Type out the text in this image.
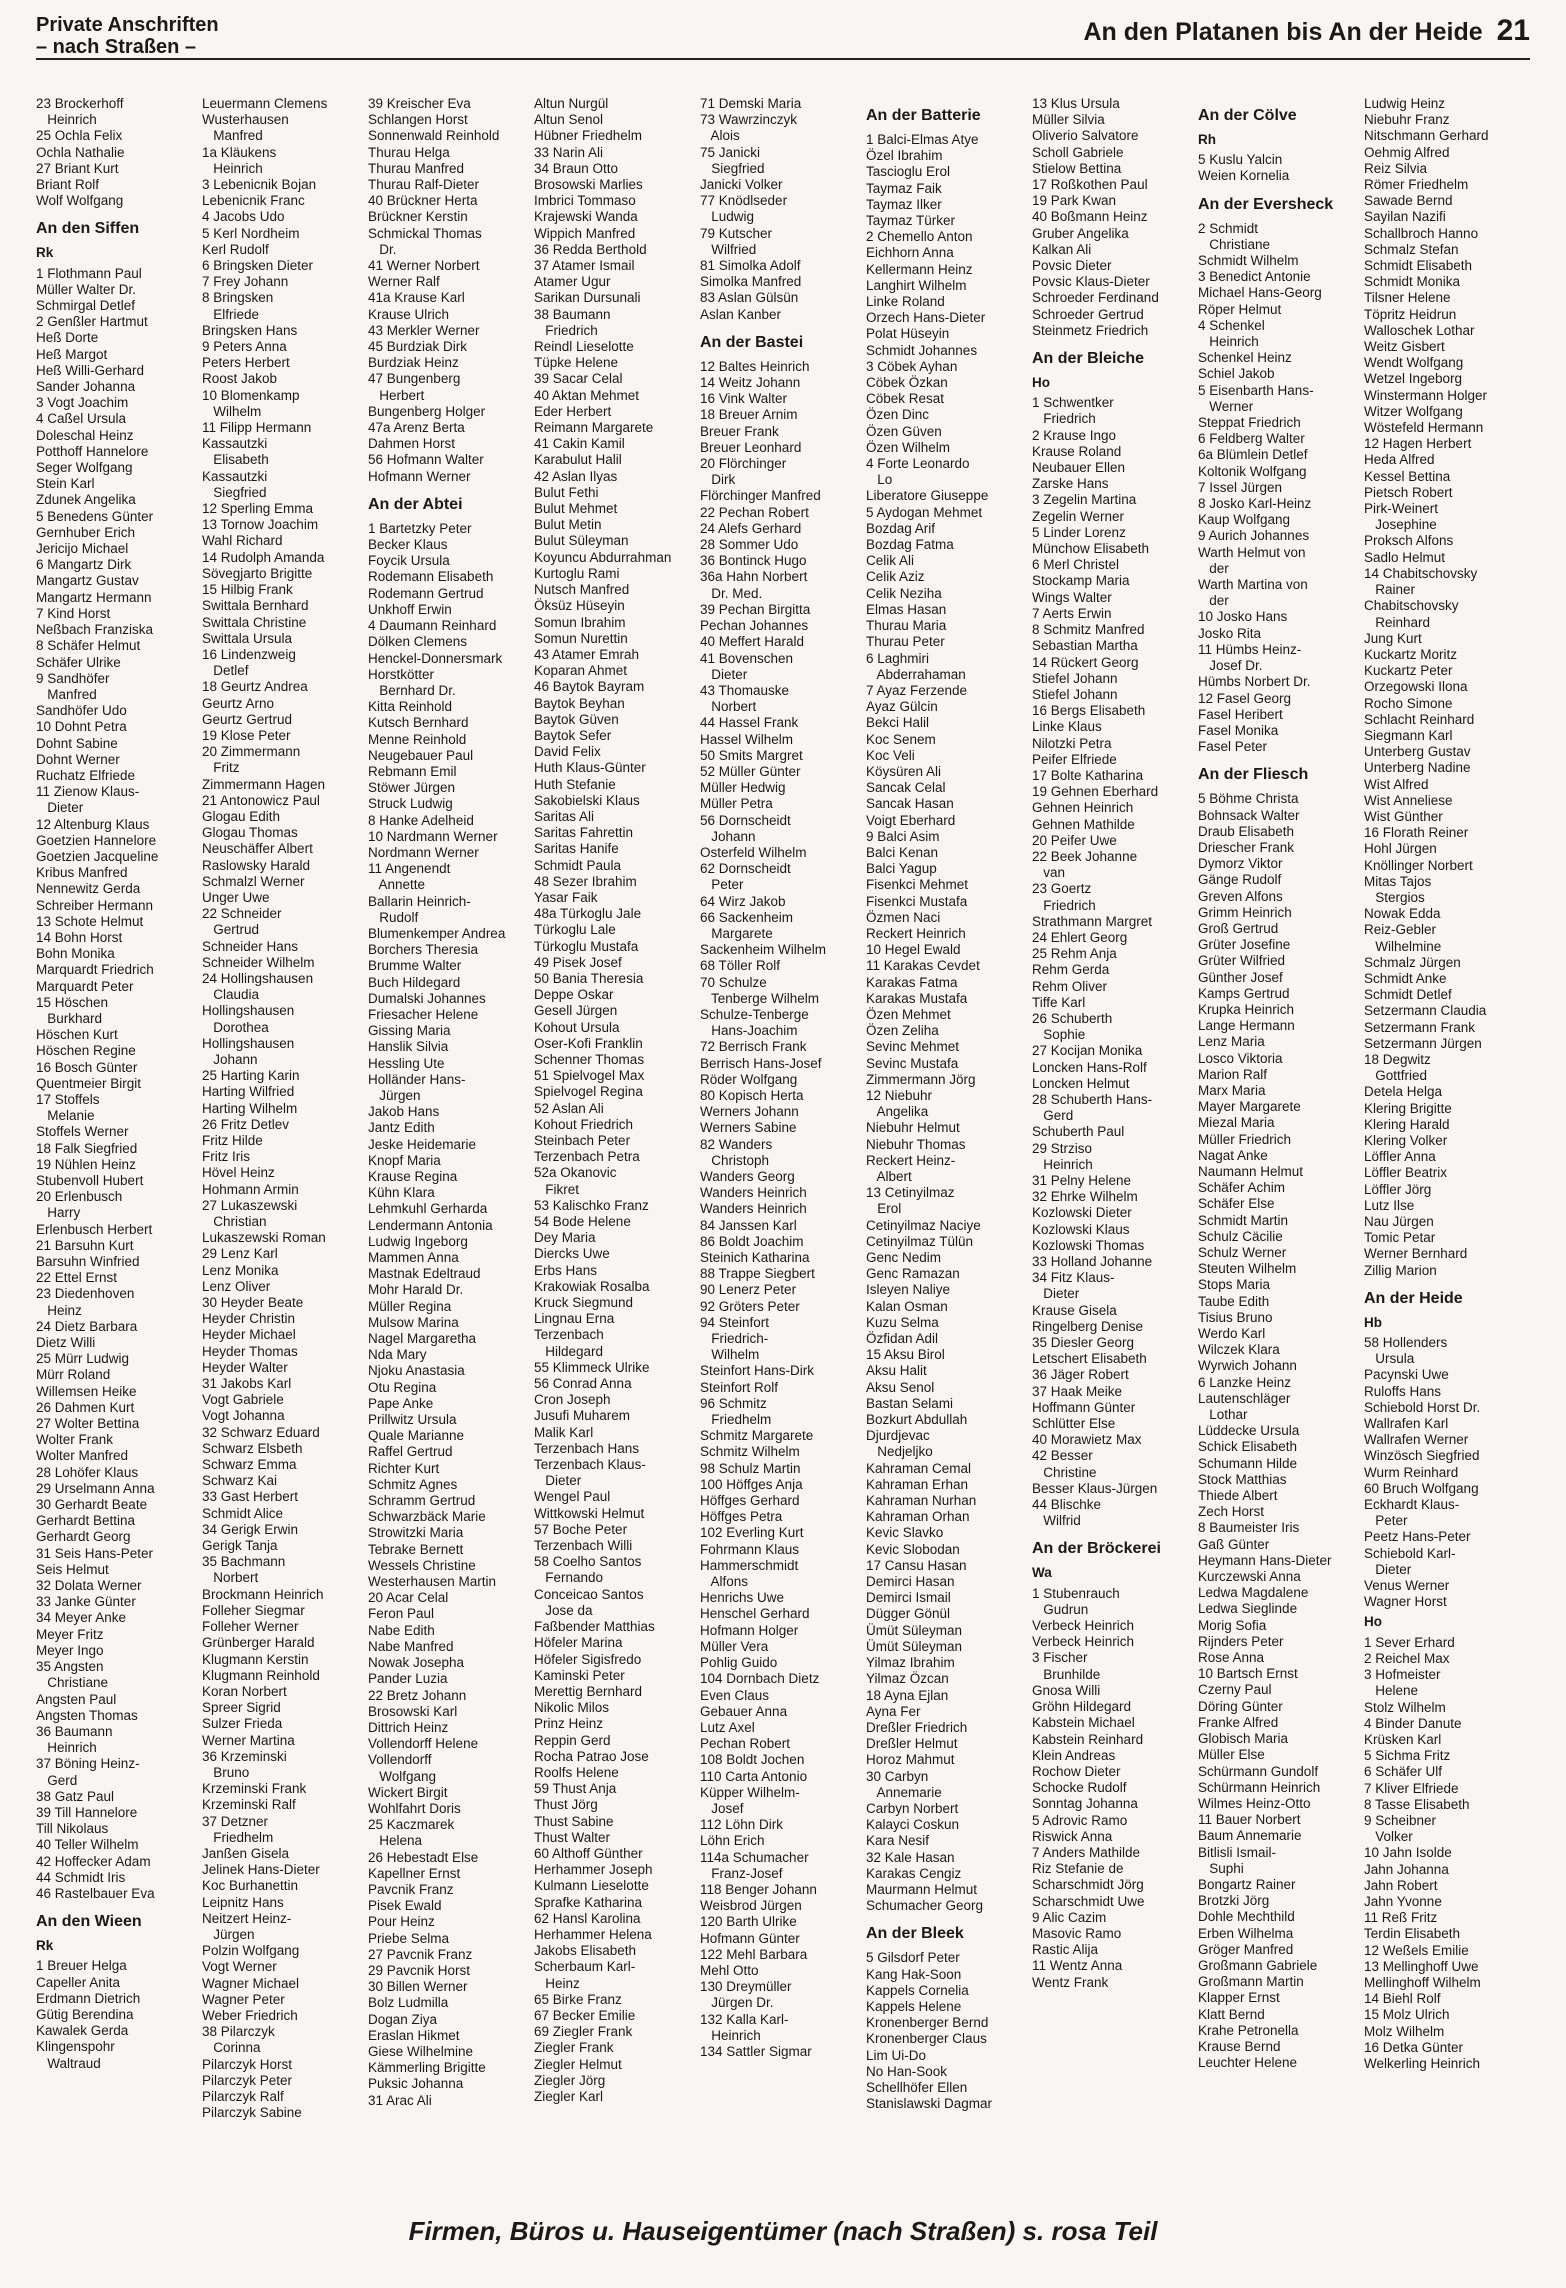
Private Anschriften
– nach Straßen –
An den Platanen bis An der Heide 21
23 Brockerhoff
Heinrich
25 Ochla Felix
Ochla Nathalie
27 Briant Kurt
Briant Rolf
Wolf Wolfgang

An den Siffen
Rk
1 Flothmann Paul
Müller Walter Dr.
Schmirgal Detlef
2 Genßler Hartmut
Heß Dorte
Heß Margot
Heß Willi-Gerhard
Sander Johanna
3 Vogt Joachim
4 Caßel Ursula
Doleschal Heinz
Potthoff Hannelore
Seger Wolfgang
Stein Karl
Zdunek Angelika
5 Benedens Günter
Gernhuber Erich
Jericijo Michael
6 Mangartz Dirk
Mangartz Gustav
Mangartz Hermann
7 Kind Horst
Neßbach Franziska
8 Schäfer Helmut
Schäfer Ulrike
9 Sandhöfer
Manfred
Sandhöfer Udo
10 Dohnt Petra
Dohnt Sabine
Dohnt Werner
Ruchatz Elfriede
11 Zienow Klaus-
Dieter
12 Altenburg Klaus
Goetzien Hannelore
Goetzien Jacqueline
Kribus Manfred
Nennewitz Gerda
Schreiber Hermann
13 Schote Helmut
14 Bohn Horst
Bohn Monika
Marquardt Friedrich
Marquardt Peter
15 Höschen
Burkhard
Höschen Kurt
Höschen Regine
16 Bosch Günter
Quentmeier Birgit
17 Stoffels
Melanie
Stoffels Werner
18 Falk Siegfried
19 Nühlen Heinz
Stubenvoll Hubert
20 Erlenbusch
Harry
Erlenbusch Herbert
21 Barsuhn Kurt
Barsuhn Winfried
22 Ettel Ernst
23 Diedenhoven
Heinz
24 Dietz Barbara
Dietz Willi
25 Mürr Ludwig
Mürr Roland
Willemsen Heike
26 Dahmen Kurt
27 Wolter Bettina
Wolter Frank
Wolter Manfred
28 Lohöfer Klaus
29 Urselmann Anna
30 Gerhardt Beate
Gerhardt Bettina
Gerhardt Georg
31 Seis Hans-Peter
Seis Helmut
32 Dolata Werner
33 Janke Günter
34 Meyer Anke
Meyer Fritz
Meyer Ingo
35 Angsten
Christiane
Angsten Paul
Angsten Thomas
36 Baumann
Heinrich
37 Böning Heinz-
Gerd
38 Gatz Paul
39 Till Hannelore
Till Nikolaus
40 Teller Wilhelm
42 Hoffecker Adam
44 Schmidt Iris
46 Rastelbauer Eva

An den Wieen
Rk
1 Breuer Helga
Capeller Anita
Erdmann Dietrich
Gütig Berendina
Kawalek Gerda
Klingenspohr
Waltraud

Leuermann Clemens
Wusterhausen
Manfred
1a Kläukens
Heinrich
3 Lebenicnik Bojan
Lebenicnik Franc
4 Jacobs Udo
5 Kerl Nordheim
Kerl Rudolf
6 Bringsken Dieter
7 Frey Johann
8 Bringsken
Elfriede
Bringsken Hans
9 Peters Anna
Peters Herbert
Roost Jakob
10 Blomenkamp
Wilhelm
11 Filipp Hermann
Kassautzki
Elisabeth
Kassautzki
Siegfried
12 Sperling Emma
13 Tornow Joachim
Wahl Richard
14 Rudolph Amanda
Sövegjarto Brigitte
15 Hilbig Frank
Swittala Bernhard
Swittala Christine
Swittala Ursula
16 Lindenzweig
Detlef
18 Geurtz Andrea
Geurtz Arno
Geurtz Gertrud
19 Klose Peter
20 Zimmermann
Fritz
Zimmermann Hagen
21 Antonowicz Paul
Glogau Edith
Glogau Thomas
Neuschäffer Albert
Raslowsky Harald
Schmalzl Werner
Unger Uwe
22 Schneider
Gertrud
Schneider Hans
Schneider Wilhelm
24 Hollingshausen
Claudia
Hollingshausen
Dorothea
Hollingshausen
Johann
25 Harting Karin
Harting Wilfried
Harting Wilhelm
26 Fritz Detlev
Fritz Hilde
Fritz Iris
Hövel Heinz
Hohmann Armin
27 Lukaszewski
Christian
Lukaszewski Roman
29 Lenz Karl
Lenz Monika
Lenz Oliver
30 Heyder Beate
Heyder Christin
Heyder Michael
Heyder Thomas
Heyder Walter
31 Jakobs Karl
Vogt Gabriele
Vogt Johanna
32 Schwarz Eduard
Schwarz Elsbeth
Schwarz Emma
Schwarz Kai
33 Gast Herbert
Schmidt Alice
34 Gerigk Erwin
Gerigk Tanja
35 Bachmann
Norbert
Brockmann Heinrich
Folleher Siegmar
Folleher Werner
Grünberger Harald
Klugmann Kerstin
Klugmann Reinhold
Koran Norbert
Spreer Sigrid
Sulzer Frieda
Werner Martina
36 Krzeminski
Bruno
Krzeminski Frank
Krzeminski Ralf
37 Detzner
Friedhelm
Janßen Gisela
Jelinek Hans-Dieter
Koc Burhanettin
Leipnitz Hans
Neitzert Heinz-
Jürgen
Polzin Wolfgang
Vogt Werner
Wagner Michael
Wagner Peter
Weber Friedrich
38 Pilarczyk
Corinna
Pilarczyk Horst
Pilarczyk Peter
Pilarczyk Ralf
Pilarczyk Sabine

39 Kreischer Eva
Schlangen Horst
Sonnenwald Reinhold
Thurau Helga
Thurau Manfred
Thurau Ralf-Dieter
40 Brückner Herta
Brückner Kerstin
Schmickal Thomas
Dr.
41 Werner Norbert
Werner Ralf
41a Krause Karl
Krause Ulrich
43 Merkler Werner
45 Burdziak Dirk
Burdziak Heinz
47 Bungenberg
Herbert
Bungenberg Holger
47a Arenz Berta
Dahmen Horst
56 Hofmann Walter
Hofmann Werner

An der Abtei
1 Bartetzky Peter
Becker Klaus
Foycik Ursula
Rodemann Elisabeth
Rodemann Gertrud
Unkhoff Erwin
4 Daumann Reinhard
Dölken Clemens
Henckel-Donnersmark
Horstkötter
Bernhard Dr.
Kitta Reinhold
Kutsch Bernhard
Menne Reinhold
Neugebauer Paul
Rebmann Emil
Stöwer Jürgen
Struck Ludwig
8 Hanke Adelheid
10 Nardmann Werner
Nordmann Werner
11 Angenendt
Annette
Ballarin Heinrich-
Rudolf
Blumenkemper Andrea
Borchers Theresia
Brumme Walter
Buch Hildegard
Dumalski Johannes
Friesacher Helene
Gissing Maria
Hanslik Silvia
Hessling Ute
Holländer Hans-
Jürgen
Jakob Hans
Jantz Edith
Jeske Heidemarie
Knopf Maria
Krause Regina
Kühn Klara
Lehmkuhl Gerharda
Lendermann Antonia
Ludwig Ingeborg
Mammen Anna
Mastnak Edeltraud
Mohr Harald Dr.
Müller Regina
Mulsow Marina
Nagel Margaretha
Nda Mary
Njoku Anastasia
Otu Regina
Pape Anke
Prillwitz Ursula
Quale Marianne
Raffel Gertrud
Richter Kurt
Schmitz Agnes
Schramm Gertrud
Schwarzbäck Marie
Strowitzki Maria
Tebrake Bernett
Wessels Christine
Westerhausen Martin
20 Acar Celal
Feron Paul
Nabe Edith
Nabe Manfred
Nowak Josepha
Pander Luzia
22 Bretz Johann
Brosowski Karl
Dittrich Heinz
Vollendorff Helene
Vollendorff
Wolfgang
Wickert Birgit
Wohlfahrt Doris
25 Kaczmarek
Helena
26 Hebestadt Else
Kapellner Ernst
Pavcnik Franz
Pisek Ewald
Pour Heinz
Priebe Selma
27 Pavcnik Franz
29 Pavcnik Horst
30 Billen Werner
Bolz Ludmilla
Dogan Ziya
Eraslan Hikmet
Giese Wilhelmine
Kämmerling Brigitte
Puksic Johanna
31 Arac Ali

Altun Nurgül
Altun Senol
Hübner Friedhelm
33 Narin Ali
34 Braun Otto
Brosowski Marlies
Imbrici Tommaso
Krajewski Wanda
Wippich Manfred
36 Redda Berthold
37 Atamer Ismail
Atamer Ugur
Sarikan Dursunali
38 Baumann
Friedrich
Reindl Lieselotte
Tüpke Helene
39 Sacar Celal
40 Aktan Mehmet
Eder Herbert
Reimann Margarete
41 Cakin Kamil
Karabulut Halil
42 Aslan Ilyas
Bulut Fethi
Bulut Mehmet
Bulut Metin
Bulut Süleyman
Koyuncu Abdurrahman
Kurtoglu Rami
Nutsch Manfred
Öksüz Hüseyin
Somun Ibrahim
Somun Nurettin
43 Atamer Emrah
Koparan Ahmet
46 Baytok Bayram
Baytok Beyhan
Baytok Güven
Baytok Sefer
David Felix
Huth Klaus-Günter
Huth Stefanie
Sakobielski Klaus
Saritas Ali
Saritas Fahrettin
Saritas Hanife
Schmidt Paula
48 Sezer Ibrahim
Yasar Faik
48a Türkoglu Jale
Türkoglu Lale
Türkoglu Mustafa
49 Pisek Josef
50 Bania Theresia
Deppe Oskar
Gesell Jürgen
Kohout Ursula
Oser-Kofi Franklin
Schenner Thomas
51 Spielvogel Max
Spielvogel Regina
52 Aslan Ali
Kohout Friedrich
Steinbach Peter
Terzenbach Petra
52a Okanovic
Fikret
53 Kalischko Franz
54 Bode Helene
Dey Maria
Diercks Uwe
Erbs Hans
Krakowiak Rosalba
Kruck Siegmund
Lingnau Erna
Terzenbach
Hildegard
55 Klimmeck Ulrike
56 Conrad Anna
Cron Joseph
Jusufi Muharem
Malik Karl
Terzenbach Hans
Terzenbach Klaus-
Dieter
Wengel Paul
Wittkowski Helmut
57 Boche Peter
Terzenbach Willi
58 Coelho Santos
Fernando
Conceicao Santos
Jose da
Faßbender Matthias
Höfeler Marina
Höfeler Sigisfredo
Kaminski Peter
Merettig Bernhard
Nikolic Milos
Prinz Heinz
Reppin Gerd
Rocha Patrao Jose
Roolfs Helene
59 Thust Anja
Thust Jörg
Thust Sabine
Thust Walter
60 Althoff Günther
Herhammer Joseph
Kulmann Lieselotte
Sprafke Katharina
62 Hansl Karolina
Herhammer Helena
Jakobs Elisabeth
Scherbaum Karl-
Heinz
65 Birke Franz
67 Becker Emilie
69 Ziegler Frank
Ziegler Frank
Ziegler Helmut
Ziegler Jörg
Ziegler Karl

71 Demski Maria
73 Wawrzinczyk
Alois
75 Janicki
Siegfried
Janicki Volker
77 Knödlseder
Ludwig
79 Kutscher
Wilfried
81 Simolka Adolf
Simolka Manfred
83 Aslan Gülsün
Aslan Kanber

An der Bastei
12 Baltes Heinrich
14 Weitz Johann
16 Vink Walter
18 Breuer Arnim
Breuer Frank
Breuer Leonhard
20 Flörchinger
Dirk
Flörchinger Manfred
22 Pechan Robert
24 Alefs Gerhard
28 Sommer Udo
36 Bontinck Hugo
36a Hahn Norbert
Dr. Med.
39 Pechan Birgitta
Pechan Johannes
40 Meffert Harald
41 Bovenschen
Dieter
43 Thomauske
Norbert
44 Hassel Frank
Hassel Wilhelm
50 Smits Margret
52 Müller Günter
Müller Hedwig
Müller Petra
56 Dornscheidt
Johann
Osterfeld Wilhelm
62 Dornscheidt
Peter
64 Wirz Jakob
66 Sackenheim
Margarete
Sackenheim Wilhelm
68 Töller Rolf
70 Schulze
Tenberge Wilhelm
Schulze-Tenberge
Hans-Joachim
72 Berrisch Frank
Berrisch Hans-Josef
Röder Wolfgang
80 Kopisch Herta
Werners Johann
Werners Sabine
82 Wanders
Christoph
Wanders Georg
Wanders Heinrich
Wanders Heinrich
84 Janssen Karl
86 Boldt Joachim
Steinich Katharina
88 Trappe Siegbert
90 Lenerz Peter
92 Gröters Peter
94 Steinfort
Friedrich-
Wilhelm
Steinfort Hans-Dirk
Steinfort Rolf
96 Schmitz
Friedhelm
Schmitz Margarete
Schmitz Wilhelm
98 Schulz Martin
100 Höffges Anja
Höffges Gerhard
Höffges Petra
102 Everling Kurt
Fohrmann Klaus
Hammerschmidt
Alfons
Henrichs Uwe
Henschel Gerhard
Hofmann Holger
Müller Vera
Pohlig Guido
104 Dornbach Dietz
Even Claus
Gebauer Anna
Lutz Axel
Pechan Robert
108 Boldt Jochen
110 Carta Antonio
Küpper Wilhelm-
Josef
112 Löhn Dirk
Löhn Erich
114a Schumacher
Franz-Josef
118 Benger Johann
Weisbrod Jürgen
120 Barth Ulrike
Hofmann Günter
122 Mehl Barbara
Mehl Otto
130 Dreymüller
Jürgen Dr.
132 Kalla Karl-
Heinrich
134 Sattler Sigmar

An der Batterie
1 Balci-Elmas Atye
Özel Ibrahim
Tascioglu Erol
Taymaz Faik
Taymaz Ilker
Taymaz Türker
2 Chemello Anton
Eichhorn Anna
Kellermann Heinz
Langhirt Wilhelm
Linke Roland
Orzech Hans-Dieter
Polat Hüseyin
Schmidt Johannes
3 Cöbek Ayhan
Cöbek Özkan
Cöbek Resat
Özen Dinc
Özen Güven
Özen Wilhelm
4 Forte Leonardo
Lo
Liberatore Giuseppe
5 Aydogan Mehmet
Bozdag Arif
Bozdag Fatma
Celik Ali
Celik Aziz
Celik Neziha
Elmas Hasan
Thurau Maria
Thurau Peter
6 Laghmiri
Abderrahaman
7 Ayaz Ferzende
Ayaz Gülcin
Bekci Halil
Koc Senem
Koc Veli
Köysüren Ali
Sancak Celal
Sancak Hasan
Voigt Eberhard
9 Balci Asim
Balci Kenan
Balci Yagup
Fisenkci Mehmet
Fisenkci Mustafa
Özmen Naci
Reckert Heinrich
10 Hegel Ewald
11 Karakas Cevdet
Karakas Fatma
Karakas Mustafa
Özen Mehmet
Özen Zeliha
Sevinc Mehmet
Sevinc Mustafa
Zimmermann Jörg
12 Niebuhr
Angelika
Niebuhr Helmut
Niebuhr Thomas
Reckert Heinz-
Albert
13 Cetinyilmaz
Erol
Cetinyilmaz Naciye
Cetinyilmaz Tülün
Genc Nedim
Genc Ramazan
Isleyen Naliye
Kalan Osman
Kuzu Selma
Özfidan Adil
15 Aksu Birol
Aksu Halit
Aksu Senol
Bastan Selami
Bozkurt Abdullah
Djurdjevac
Nedjeljko
Kahraman Cemal
Kahraman Erhan
Kahraman Nurhan
Kahraman Orhan
Kevic Slavko
Kevic Slobodan
17 Cansu Hasan
Demirci Hasan
Demirci Ismail
Dügger Gönül
Ümüt Süleyman
Ümüt Süleyman
Yilmaz Ibrahim
Yilmaz Özcan
18 Ayna Ejlan
Ayna Fer
Dreßler Friedrich
Dreßler Helmut
Horoz Mahmut
30 Carbyn
Annemarie
Carbyn Norbert
Kalayci Coskun
Kara Nesif
32 Kale Hasan
Karakas Cengiz
Maurmann Helmut
Schumacher Georg

An der Bleek
5 Gilsdorf Peter
Kang Hak-Soon
Kappels Cornelia
Kappels Helene
Kronenberger Bernd
Kronenberger Claus
Lim Ui-Do
No Han-Sook
Schellhöfer Ellen
Stanislawski Dagmar

13 Klus Ursula
Müller Silvia
Oliverio Salvatore
Scholl Gabriele
Stielow Bettina
17 Roßkothen Paul
19 Park Kwan
40 Boßmann Heinz
Gruber Angelika
Kalkan Ali
Povsic Dieter
Povsic Klaus-Dieter
Schroeder Ferdinand
Schroeder Gertrud
Steinmetz Friedrich

An der Bleiche
Ho
1 Schwentker
Friedrich
2 Krause Ingo
Krause Roland
Neubauer Ellen
Zarske Hans
3 Zegelin Martina
Zegelin Werner
5 Linder Lorenz
Münchow Elisabeth
6 Merl Christel
Stockamp Maria
Wings Walter
7 Aerts Erwin
8 Schmitz Manfred
Sebastian Martha
14 Rückert Georg
Stiefel Johann
Stiefel Johann
16 Bergs Elisabeth
Linke Klaus
Nilotzki Petra
Peifer Elfriede
17 Bolte Katharina
19 Gehnen Eberhard
Gehnen Heinrich
Gehnen Mathilde
20 Peifer Uwe
22 Beek Johanne
van
23 Goertz
Friedrich
Strathmann Margret
24 Ehlert Georg
25 Rehm Anja
Rehm Gerda
Rehm Oliver
Tiffe Karl
26 Schuberth
Sophie
27 Kocijan Monika
Loncken Hans-Rolf
Loncken Helmut
28 Schuberth Hans-
Gerd
Schuberth Paul
29 Strziso
Heinrich
31 Pelny Helene
32 Ehrke Wilhelm
Kozlowski Dieter
Kozlowski Klaus
Kozlowski Thomas
33 Holland Johanne
34 Fitz Klaus-
Dieter
Krause Gisela
Ringelberg Denise
35 Diesler Georg
Letschert Elisabeth
36 Jäger Robert
37 Haak Meike
Hoffmann Günter
Schlütter Else
40 Morawietz Max
42 Besser
Christine
Besser Klaus-Jürgen
44 Blischke
Wilfrid

An der Bröckerei
Wa
1 Stubenrauch
Gudrun
Verbeck Heinrich
Verbeck Heinrich
3 Fischer
Brunhilde
Gnosa Willi
Gröhn Hildegard
Kabstein Michael
Kabstein Reinhard
Klein Andreas
Rochow Dieter
Schocke Rudolf
Sonntag Johanna
5 Adrovic Ramo
Riswick Anna
7 Anders Mathilde
Riz Stefanie de
Scharschmidt Jörg
Scharschmidt Uwe
9 Alic Cazim
Masovic Ramo
Rastic Alija
11 Wentz Anna
Wentz Frank

An der Cölve
Rh
5 Kuslu Yalcin
Weien Kornelia

An der Eversheck
2 Schmidt
Christiane
Schmidt Wilhelm
3 Benedict Antonie
Michael Hans-Georg
Röper Helmut
4 Schenkel
Heinrich
Schenkel Heinz
Schiel Jakob
5 Eisenbarth Hans-
Werner
Steppat Friedrich
6 Feldberg Walter
6a Blümlein Detlef
Koltonik Wolfgang
7 Issel Jürgen
8 Josko Karl-Heinz
Kaup Wolfgang
9 Aurich Johannes
Warth Helmut von
der
Warth Martina von
der
10 Josko Hans
Josko Rita
11 Hümbs Heinz-
Josef Dr.
Hümbs Norbert Dr.
12 Fasel Georg
Fasel Heribert
Fasel Monika
Fasel Peter

An der Fliesch
5 Böhme Christa
Bohnsack Walter
Draub Elisabeth
Driescher Frank
Dymorz Viktor
Gänge Rudolf
Greven Alfons
Grimm Heinrich
Groß Gertrud
Grüter Josefine
Grüter Wilfried
Günther Josef
Kamps Gertrud
Krupka Heinrich
Lange Hermann
Lenz Maria
Losco Viktoria
Marion Ralf
Marx Maria
Mayer Margarete
Miezal Maria
Müller Friedrich
Nagat Anke
Naumann Helmut
Schäfer Achim
Schäfer Else
Schmidt Martin
Schulz Cäcilie
Schulz Werner
Steuten Wilhelm
Stops Maria
Taube Edith
Tisius Bruno
Werdo Karl
Wilczek Klara
Wyrwich Johann
6 Lanzke Heinz
Lautenschläger
Lothar
Lüddecke Ursula
Schick Elisabeth
Schumann Hilde
Stock Matthias
Thiede Albert
Zech Horst
8 Baumeister Iris
Gaß Günter
Heymann Hans-Dieter
Kurczewski Anna
Ledwa Magdalene
Ledwa Sieglinde
Morig Sofia
Rijnders Peter
Rose Anna
10 Bartsch Ernst
Czerny Paul
Döring Günter
Franke Alfred
Globisch Maria
Müller Else
Schürmann Gundolf
Schürmann Heinrich
Wilmes Heinz-Otto
11 Bauer Norbert
Baum Annemarie
Bitlisli Ismail-
Suphi
Bongartz Rainer
Brotzki Jörg
Dohle Mechthild
Erben Wilhelma
Gröger Manfred
Großmann Gabriele
Großmann Martin
Klapper Ernst
Klatt Bernd
Krahe Petronella
Krause Bernd
Leuchter Helene

Ludwig Heinz
Niebuhr Franz
Nitschmann Gerhard
Oehmig Alfred
Reiz Silvia
Römer Friedhelm
Sawade Bernd
Sayilan Nazifi
Schallbroch Hanno
Schmalz Stefan
Schmidt Elisabeth
Schmidt Monika
Tilsner Helene
Töpritz Heidrun
Walloschek Lothar
Weitz Gisbert
Wendt Wolfgang
Wetzel Ingeborg
Winstermann Holger
Witzer Wolfgang
Wöstefeld Hermann
12 Hagen Herbert
Heda Alfred
Kessel Bettina
Pietsch Robert
Pirk-Weinert
Josephine
Proksch Alfons
Sadlo Helmut
14 Chabitschovsky
Rainer
Chabitschovsky
Reinhard
Jung Kurt
Kuckartz Moritz
Kuckartz Peter
Orzegowski Ilona
Rocho Simone
Schlacht Reinhard
Siegmann Karl
Unterberg Gustav
Unterberg Nadine
Wist Alfred
Wist Anneliese
Wist Günther
16 Florath Reiner
Hohl Jürgen
Knöllinger Norbert
Mitas Tajos
Stergios
Nowak Edda
Reiz-Gebler
Wilhelmine
Schmalz Jürgen
Schmidt Anke
Schmidt Detlef
Setzermann Claudia
Setzermann Frank
Setzermann Jürgen
18 Degwitz
Gottfried
Detela Helga
Klering Brigitte
Klering Harald
Klering Volker
Löffler Anna
Löffler Beatrix
Löffler Jörg
Lutz Ilse
Nau Jürgen
Tomic Petar
Werner Bernhard
Zillig Marion

An der Heide
Hb
58 Hollenders
Ursula
Pacynski Uwe
Ruloffs Hans
Schiebold Horst Dr.
Wallrafen Karl
Wallrafen Werner
Winzösch Siegfried
Wurm Reinhard
60 Bruch Wolfgang
Eckhardt Klaus-
Peter
Peetz Hans-Peter
Schiebold Karl-
Dieter
Venus Werner
Wagner Horst

Ho
1 Sever Erhard
2 Reichel Max
3 Hofmeister
Helene
Stolz Wilhelm
4 Binder Danute
Krüsken Karl
5 Sichma Fritz
6 Schäfer Ulf
7 Kliver Elfriede
8 Tasse Elisabeth
9 Scheibner
Volker
10 Jahn Isolde
Jahn Johanna
Jahn Robert
Jahn Yvonne
11 Reß Fritz
Terdin Elisabeth
12 Weßels Emilie
13 Mellinghoff Uwe
Mellinghoff Wilhelm
14 Biehl Rolf
15 Molz Ulrich
Molz Wilhelm
16 Detka Günter
Welkerling Heinrich

Firmen, Büros u. Hauseigentümer (nach Straßen) s. rosa Teil
